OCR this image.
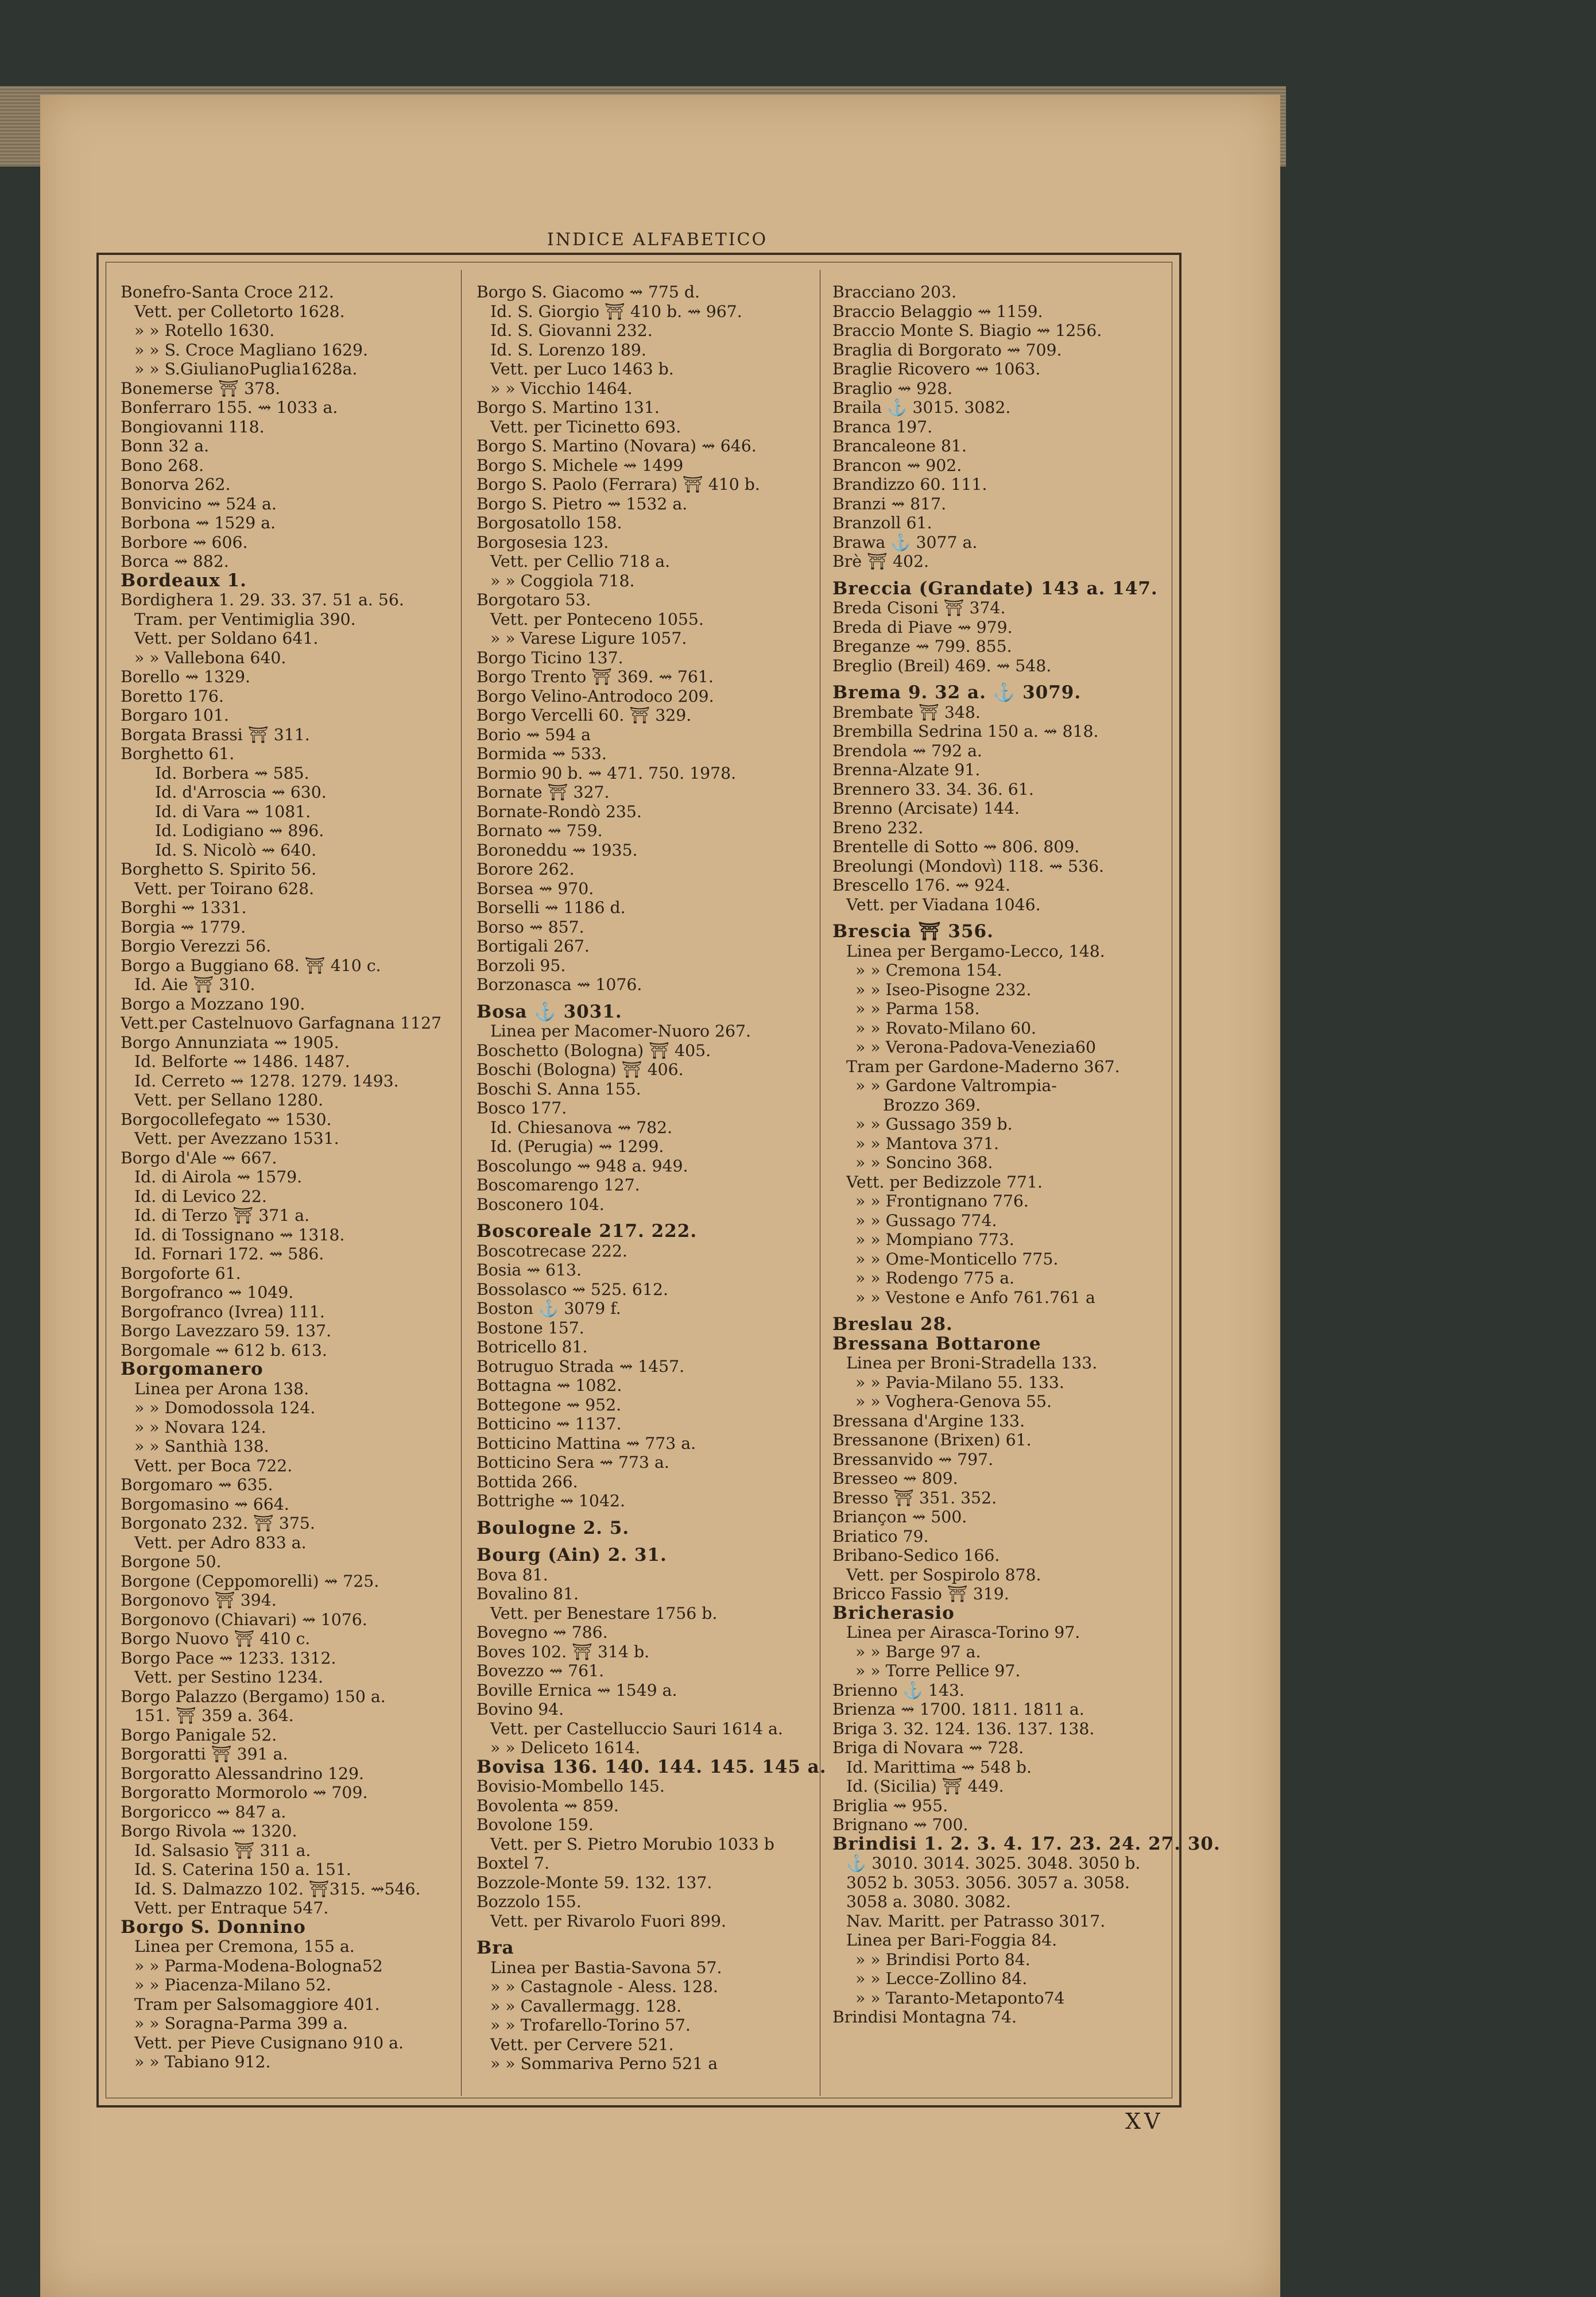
INDICE ALFABETICO
Bonefro-Santa Croce 212.
Vett. per Colletorto 1628.
» » Rotello 1630.
» » S. Croce Magliano 1629.
» » S.GiulianoPuglia1628a.
Bonemerse ⛩ 378.
Bonferraro 155. ⇝ 1033 a.
Bongiovanni 118.
Bonn 32 a.
Bono 268.
Bonorva 262.
Bonvicino ⇝ 524 a.
Borbona ⇝ 1529 a.
Borbore ⇝ 606.
Borca ⇝ 882.
Bordeaux 1.
Bordighera 1. 29. 33. 37. 51 a. 56.
Tram. per Ventimiglia 390.
Vett. per Soldano 641.
» » Vallebona 640.
Borello ⇝ 1329.
Boretto 176.
Borgaro 101.
Borgata Brassi ⛩ 311.
Borghetto 61.
Id. Borbera ⇝ 585.
Id. d'Arroscia ⇝ 630.
Id. di Vara ⇝ 1081.
Id. Lodigiano ⇝ 896.
Id. S. Nicolò ⇝ 640.
Borghetto S. Spirito 56.
Vett. per Toirano 628.
Borghi ⇝ 1331.
Borgia ⇝ 1779.
Borgio Verezzi 56.
Borgo a Buggiano 68. ⛩ 410 c.
Id. Aie ⛩ 310.
Borgo a Mozzano 190.
Vett.per Castelnuovo Garfagnana 1127
Borgo Annunziata ⇝ 1905.
Id. Belforte ⇝ 1486. 1487.
Id. Cerreto ⇝ 1278. 1279. 1493.
Vett. per Sellano 1280.
Borgocollefegato ⇝ 1530.
Vett. per Avezzano 1531.
Borgo d'Ale ⇝ 667.
Id. di Airola ⇝ 1579.
Id. di Levico 22.
Id. di Terzo ⛩ 371 a.
Id. di Tossignano ⇝ 1318.
Id. Fornari 172. ⇝ 586.
Borgoforte 61.
Borgofranco ⇝ 1049.
Borgofranco (Ivrea) 111.
Borgo Lavezzaro 59. 137.
Borgomale ⇝ 612 b. 613.
Borgomanero
Linea per Arona 138.
» » Domodossola 124.
» » Novara 124.
» » Santhià 138.
Vett. per Boca 722.
Borgomaro ⇝ 635.
Borgomasino ⇝ 664.
Borgonato 232. ⛩ 375.
Vett. per Adro 833 a.
Borgone 50.
Borgone (Ceppomorelli) ⇝ 725.
Borgonovo ⛩ 394.
Borgonovo (Chiavari) ⇝ 1076.
Borgo Nuovo ⛩ 410 c.
Borgo Pace ⇝ 1233. 1312.
Vett. per Sestino 1234.
Borgo Palazzo (Bergamo) 150 a.
151. ⛩ 359 a. 364.
Borgo Panigale 52.
Borgoratti ⛩ 391 a.
Borgoratto Alessandrino 129.
Borgoratto Mormorolo ⇝ 709.
Borgoricco ⇝ 847 a.
Borgo Rivola ⇝ 1320.
Id. Salsasio ⛩ 311 a.
Id. S. Caterina 150 a. 151.
Id. S. Dalmazzo 102. ⛩315. ⇝546.
Vett. per Entraque 547.
Borgo S. Donnino
Linea per Cremona, 155 a.
» » Parma-Modena-Bologna52
» » Piacenza-Milano 52.
Tram per Salsomaggiore 401.
» » Soragna-Parma 399 a.
Vett. per Pieve Cusignano 910 a.
» » Tabiano 912.
Borgo S. Giacomo ⇝ 775 d.
Id. S. Giorgio ⛩ 410 b. ⇝ 967.
Id. S. Giovanni 232.
Id. S. Lorenzo 189.
Vett. per Luco 1463 b.
» » Vicchio 1464.
Borgo S. Martino 131.
Vett. per Ticinetto 693.
Borgo S. Martino (Novara) ⇝ 646.
Borgo S. Michele ⇝ 1499
Borgo S. Paolo (Ferrara) ⛩ 410 b.
Borgo S. Pietro ⇝ 1532 a.
Borgosatollo 158.
Borgosesia 123.
Vett. per Cellio 718 a.
» » Coggiola 718.
Borgotaro 53.
Vett. per Ponteceno 1055.
» » Varese Ligure 1057.
Borgo Ticino 137.
Borgo Trento ⛩ 369. ⇝ 761.
Borgo Velino-Antrodoco 209.
Borgo Vercelli 60. ⛩ 329.
Borio ⇝ 594 a
Bormida ⇝ 533.
Bormio 90 b. ⇝ 471. 750. 1978.
Bornate ⛩ 327.
Bornate-Rondò 235.
Bornato ⇝ 759.
Boroneddu ⇝ 1935.
Borore 262.
Borsea ⇝ 970.
Borselli ⇝ 1186 d.
Borso ⇝ 857.
Bortigali 267.
Borzoli 95.
Borzonasca ⇝ 1076.
Bosa ⚓ 3031.
Linea per Macomer-Nuoro 267.
Boschetto (Bologna) ⛩ 405.
Boschi (Bologna) ⛩ 406.
Boschi S. Anna 155.
Bosco 177.
Id. Chiesanova ⇝ 782.
Id. (Perugia) ⇝ 1299.
Boscolungo ⇝ 948 a. 949.
Boscomarengo 127.
Bosconero 104.
Boscoreale 217. 222.
Boscotrecase 222.
Bosia ⇝ 613.
Bossolasco ⇝ 525. 612.
Boston ⚓ 3079 f.
Bostone 157.
Botricello 81.
Botruguo Strada ⇝ 1457.
Bottagna ⇝ 1082.
Bottegone ⇝ 952.
Botticino ⇝ 1137.
Botticino Mattina ⇝ 773 a.
Botticino Sera ⇝ 773 a.
Bottida 266.
Bottrighe ⇝ 1042.
Boulogne 2. 5.
Bourg (Ain) 2. 31.
Bova 81.
Bovalino 81.
Vett. per Benestare 1756 b.
Bovegno ⇝ 786.
Boves 102. ⛩ 314 b.
Bovezzo ⇝ 761.
Boville Ernica ⇝ 1549 a.
Bovino 94.
Vett. per Castelluccio Sauri 1614 a.
» » Deliceto 1614.
Bovisa 136. 140. 144. 145. 145 a.
Bovisio-Mombello 145.
Bovolenta ⇝ 859.
Bovolone 159.
Vett. per S. Pietro Morubio 1033 b
Boxtel 7.
Bozzole-Monte 59. 132. 137.
Bozzolo 155.
Vett. per Rivarolo Fuori 899.
Bra
Linea per Bastia-Savona 57.
» » Castagnole - Aless. 128.
» » Cavallermagg. 128.
» » Trofarello-Torino 57.
Vett. per Cervere 521.
» » Sommariva Perno 521 a
Bracciano 203.
Braccio Belaggio ⇝ 1159.
Braccio Monte S. Biagio ⇝ 1256.
Braglia di Borgorato ⇝ 709.
Braglie Ricovero ⇝ 1063.
Braglio ⇝ 928.
Braila ⚓ 3015. 3082.
Branca 197.
Brancaleone 81.
Brancon ⇝ 902.
Brandizzo 60. 111.
Branzi ⇝ 817.
Branzoll 61.
Brawa ⚓ 3077 a.
Brè ⛩ 402.
Breccia (Grandate) 143 a. 147.
Breda Cisoni ⛩ 374.
Breda di Piave ⇝ 979.
Breganze ⇝ 799. 855.
Breglio (Breil) 469. ⇝ 548.
Brema 9. 32 a. ⚓ 3079.
Brembate ⛩ 348.
Brembilla Sedrina 150 a. ⇝ 818.
Brendola ⇝ 792 a.
Brenna-Alzate 91.
Brennero 33. 34. 36. 61.
Brenno (Arcisate) 144.
Breno 232.
Brentelle di Sotto ⇝ 806. 809.
Breolungi (Mondovì) 118. ⇝ 536.
Brescello 176. ⇝ 924.
Vett. per Viadana 1046.
Brescia ⛩ 356.
Linea per Bergamo-Lecco, 148.
» » Cremona 154.
» » Iseo-Pisogne 232.
» » Parma 158.
» » Rovato-Milano 60.
» » Verona-Padova-Venezia60
Tram per Gardone-Maderno 367.
» » Gardone Valtrompia-
Brozzo 369.
» » Gussago 359 b.
» » Mantova 371.
» » Soncino 368.
Vett. per Bedizzole 771.
» » Frontignano 776.
» » Gussago 774.
» » Mompiano 773.
» » Ome-Monticello 775.
» » Rodengo 775 a.
» » Vestone e Anfo 761.761 a
Breslau 28.
Bressana Bottarone
Linea per Broni-Stradella 133.
» » Pavia-Milano 55. 133.
» » Voghera-Genova 55.
Bressana d'Argine 133.
Bressanone (Brixen) 61.
Bressanvido ⇝ 797.
Bresseo ⇝ 809.
Bresso ⛩ 351. 352.
Briançon ⇝ 500.
Briatico 79.
Bribano-Sedico 166.
Vett. per Sospirolo 878.
Bricco Fassio ⛩ 319.
Bricherasio
Linea per Airasca-Torino 97.
» » Barge 97 a.
» » Torre Pellice 97.
Brienno ⚓ 143.
Brienza ⇝ 1700. 1811. 1811 a.
Briga 3. 32. 124. 136. 137. 138.
Briga di Novara ⇝ 728.
Id. Marittima ⇝ 548 b.
Id. (Sicilia) ⛩ 449.
Briglia ⇝ 955.
Brignano ⇝ 700.
Brindisi 1. 2. 3. 4. 17. 23. 24. 27. 30.
⚓ 3010. 3014. 3025. 3048. 3050 b.
3052 b. 3053. 3056. 3057 a. 3058.
3058 a. 3080. 3082.
Nav. Maritt. per Patrasso 3017.
Linea per Bari-Foggia 84.
» » Brindisi Porto 84.
» » Lecce-Zollino 84.
» » Taranto-Metaponto74
Brindisi Montagna 74.
XV
